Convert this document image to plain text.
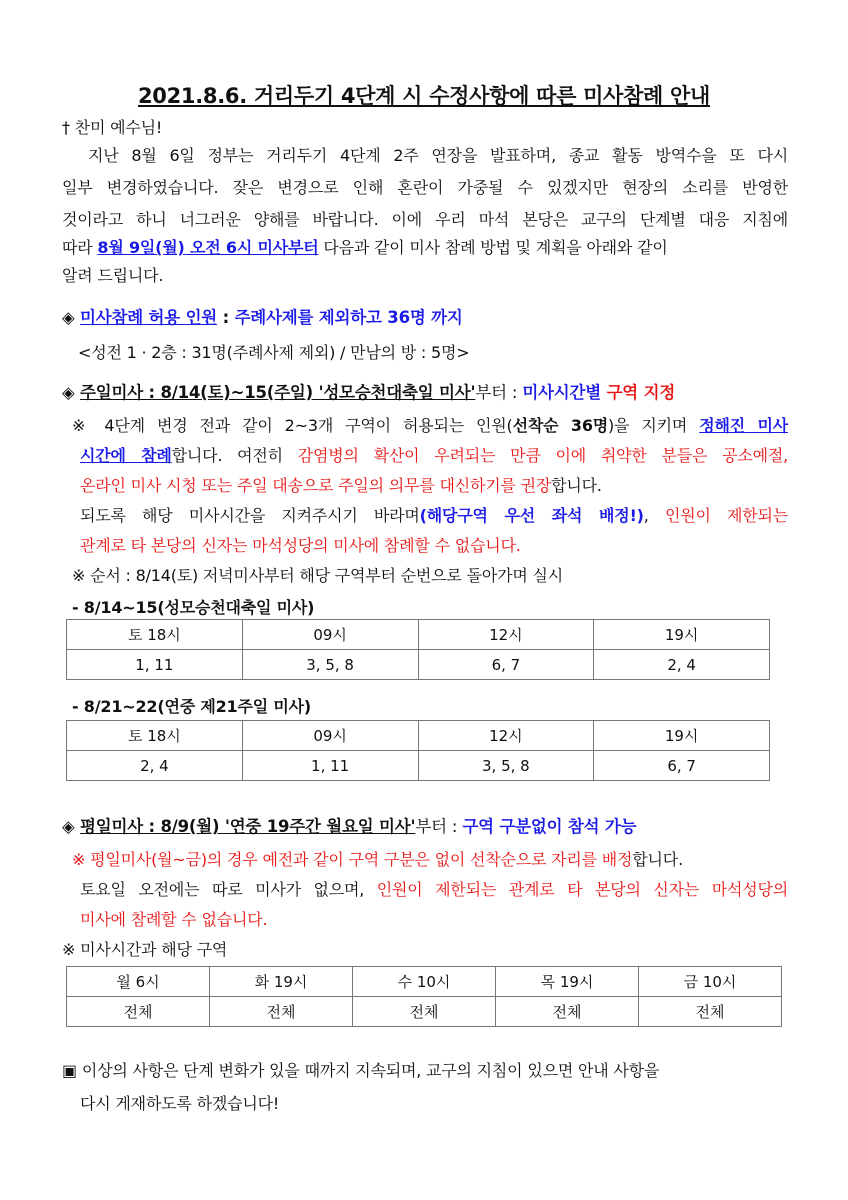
2021.8.6. 거리두기 4단계 시 수정사항에 따른 미사참례 안내
† 찬미 예수님!
지난 8월 6일 정부는 거리두기 4단계 2주 연장을 발표하며, 종교 활동 방역수을 또 다시
일부 변경하였습니다. 잦은 변경으로 인해 혼란이 가중될 수 있겠지만 현장의 소리를 반영한
것이라고 하니 너그러운 양해를 바랍니다. 이에 우리 마석 본당은 교구의 단계별 대응 지침에
따라 8월 9일(월) 오전 6시 미사부터 다음과 같이 미사 참례 방법 및 계획을 아래와 같이
알려 드립니다.
◈ 미사참례 허용 인원 : 주례사제를 제외하고 36명 까지
<성전 1 · 2층 : 31명(주례사제 제외) / 만남의 방 : 5명>
◈ 주일미사 : 8/14(토)~15(주일) '성모승천대축일 미사'부터 : 미사시간별 구역 지정
※ 4단계 변경 전과 같이 2~3개 구역이 허용되는 인원(선착순 36명)을 지키며 정해진 미사
시간에 참례합니다. 여전히 감염병의 확산이 우려되는 만큼 이에 취약한 분들은 공소예절,
온라인 미사 시청 또는 주일 대송으로 주일의 의무를 대신하기를 권장합니다.
되도록 해당 미사시간을 지켜주시기 바라며(해당구역 우선 좌석 배정!), 인원이 제한되는
관계로 타 본당의 신자는 마석성당의 미사에 참례할 수 없습니다.
※ 순서 : 8/14(토) 저녁미사부터 해당 구역부터 순번으로 돌아가며 실시
- 8/14~15(성모승천대축일 미사)
토 18시	09시	12시	19시
1, 11	3, 5, 8	6, 7	2, 4
- 8/21~22(연중 제21주일 미사)
토 18시	09시	12시	19시
2, 4	1, 11	3, 5, 8	6, 7
◈ 평일미사 : 8/9(월) '연중 19주간 월요일 미사'부터 : 구역 구분없이 참석 가능
※ 평일미사(월~금)의 경우 예전과 같이 구역 구분은 없이 선착순으로 자리를 배정합니다.
토요일 오전에는 따로 미사가 없으며, 인원이 제한되는 관계로 타 본당의 신자는 마석성당의
미사에 참례할 수 없습니다.
※ 미사시간과 해당 구역
월 6시	화 19시	수 10시	목 19시	금 10시
전체	전체	전체	전체	전체
▣ 이상의 사항은 단계 변화가 있을 때까지 지속되며, 교구의 지침이 있으면 안내 사항을
다시 게재하도록 하겠습니다!
